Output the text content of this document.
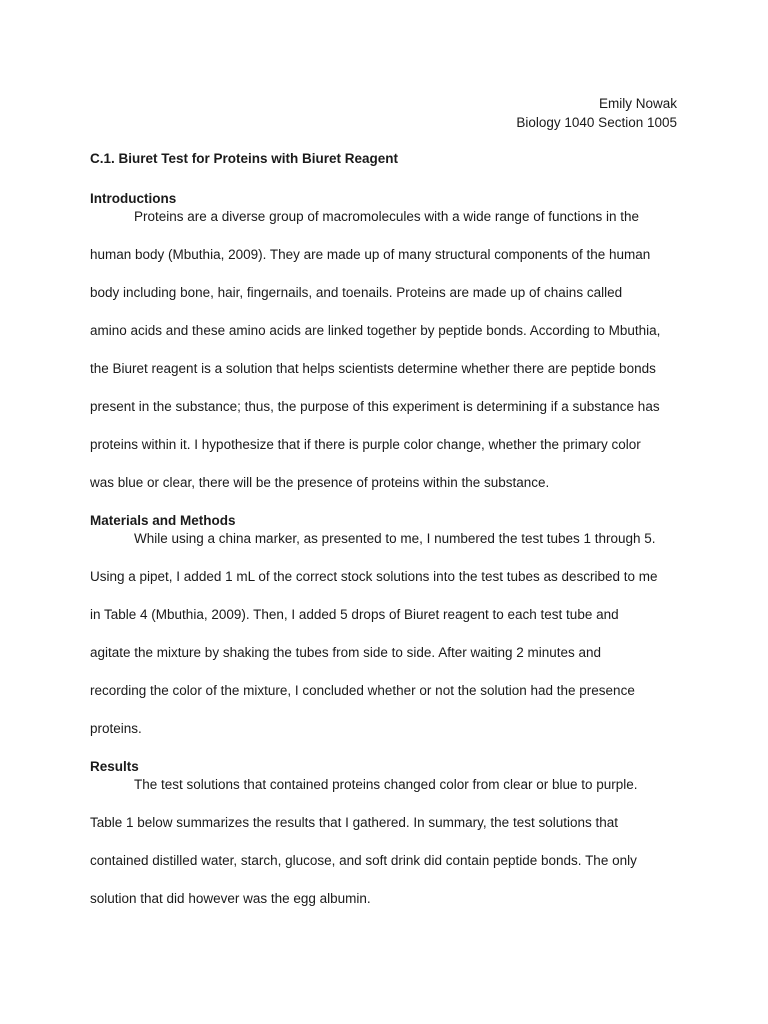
Emily Nowak
Biology 1040 Section 1005
C.1. Biuret Test for Proteins with Biuret Reagent
Introductions
Proteins are a diverse group of macromolecules with a wide range of functions in the
human body (Mbuthia, 2009). They are made up of many structural components of the human
body including bone, hair, fingernails, and toenails. Proteins are made up of chains called
amino acids and these amino acids are linked together by peptide bonds. According to Mbuthia,
the Biuret reagent is a solution that helps scientists determine whether there are peptide bonds
present in the substance; thus, the purpose of this experiment is determining if a substance has
proteins within it. I hypothesize that if there is purple color change, whether the primary color
was blue or clear, there will be the presence of proteins within the substance.
Materials and Methods
While using a china marker, as presented to me, I numbered the test tubes 1 through 5.
Using a pipet, I added 1 mL of the correct stock solutions into the test tubes as described to me
in Table 4 (Mbuthia, 2009). Then, I added 5 drops of Biuret reagent to each test tube and
agitate the mixture by shaking the tubes from side to side. After waiting 2 minutes and
recording the color of the mixture, I concluded whether or not the solution had the presence
proteins.
Results
The test solutions that contained proteins changed color from clear or blue to purple.
Table 1 below summarizes the results that I gathered. In summary, the test solutions that
contained distilled water, starch, glucose, and soft drink did contain peptide bonds. The only
solution that did however was the egg albumin.
